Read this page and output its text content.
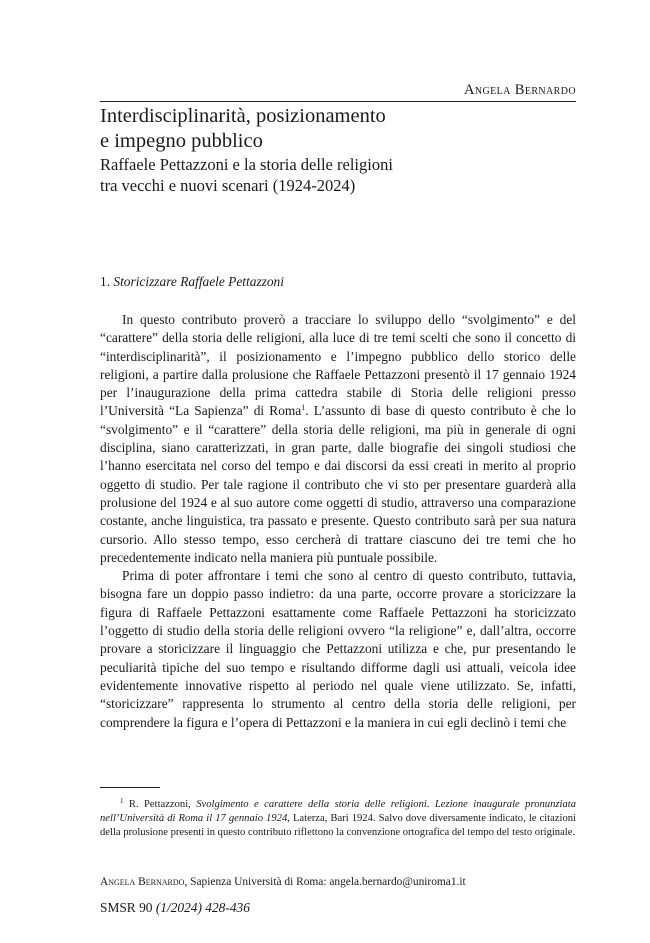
Angela Bernardo
Interdisciplinarità, posizionamento
e impegno pubblico
Raffaele Pettazzoni e la storia delle religioni
tra vecchi e nuovi scenari (1924-2024)
1. Storicizzare Raffaele Pettazzoni

In questo contributo proverò a tracciare lo sviluppo dello “svolgimento” e del “carattere” della storia delle religioni, alla luce di tre temi scelti che sono il concetto di “interdisciplinarità”, il posizionamento e l’impegno pubblico dello storico delle religioni, a partire dalla prolusione che Raffaele Pettazzoni presentò il 17 gennaio 1924 per l’inaugurazione della prima cattedra stabile di Storia delle religioni presso l’Università “La Sapienza” di Roma$^1$. L’assunto di base di questo contributo è che lo “svolgimento” e il “carattere” della storia delle religioni, ma più in generale di ogni disciplina, siano caratterizzati, in gran parte, dalle biografie dei singoli studiosi che l’hanno esercitata nel corso del tempo e dai discorsi da essi creati in merito al proprio oggetto di studio. Per tale ragione il contributo che vi sto per presentare guarderà alla prolusione del 1924 e al suo autore come oggetti di studio, attraverso una comparazione costante, anche linguistica, tra passato e presente. Questo contributo sarà per sua natura cursorio. Allo stesso tempo, esso cercherà di trattare ciascuno dei tre temi che ho precedentemente indicato nella maniera più puntuale possibile.

Prima di poter affrontare i temi che sono al centro di questo contributo, tuttavia, bisogna fare un doppio passo indietro: da una parte, occorre provare a storicizzare la figura di Raffaele Pettazzoni esattamente come Raffaele Pettazzoni ha storicizzato l’oggetto di studio della storia delle religioni ovvero “la religione” e, dall’altra, occorre provare a storicizzare il linguaggio che Pettazzoni utilizza e che, pur presentando le peculiarità tipiche del suo tempo e risultando difforme dagli usi attuali, veicola idee evidentemente innovative rispetto al periodo nel quale viene utilizzato. Se, infatti, “storicizzare” rappresenta lo strumento al centro della storia delle religioni, per comprendere la figura e l’opera di Pettazzoni e la maniera in cui egli declinò i temi che

$^1$ R. Pettazzoni, Svolgimento e carattere della storia delle religioni. Lezione inaugurale pronunziata nell’Università di Roma il 17 gennaio 1924, Laterza, Bari 1924. Salvo dove diversamente indicato, le citazioni della prolusione presenti in questo contributo riflettono la convenzione ortografica del tempo del testo originale.
Angela Bernardo, Sapienza Università di Roma: angela.bernardo@uniroma1.it
SMSR 90 (1/2024) 428-436
